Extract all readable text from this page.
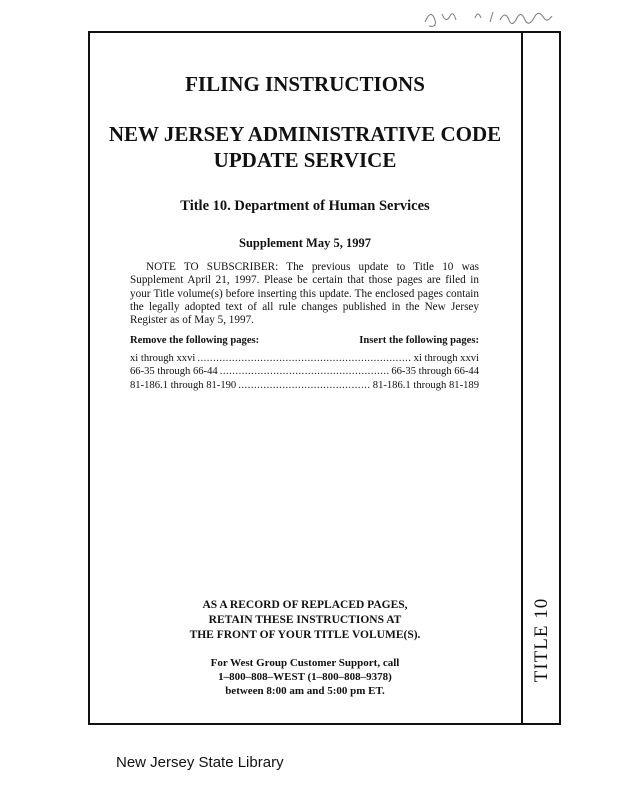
FILING INSTRUCTIONS
NEW JERSEY ADMINISTRATIVE CODE
UPDATE SERVICE
Title 10. Department of Human Services
Supplement May 5, 1997
NOTE TO SUBSCRIBER: The previous update to Title 10 was Supplement April 21, 1997. Please be certain that those pages are filed in your Title volume(s) before inserting this update. The enclosed pages contain the legally adopted text of all rule changes published in the New Jersey Register as of May 5, 1997.
Remove the following pages:	Insert the following pages:
xi through xxvi .....	xi through xxvi
66-35 through 66-44 .....	66-35 through 66-44
81-186.1 through 81-190 .....	81-186.1 through 81-189
AS A RECORD OF REPLACED PAGES,
RETAIN THESE INSTRUCTIONS AT
THE FRONT OF YOUR TITLE VOLUME(S).
For West Group Customer Support, call
1–800–808–WEST (1–800–808–9378)
between 8:00 am and 5:00 pm ET.
TITLE 10
New Jersey State Library
